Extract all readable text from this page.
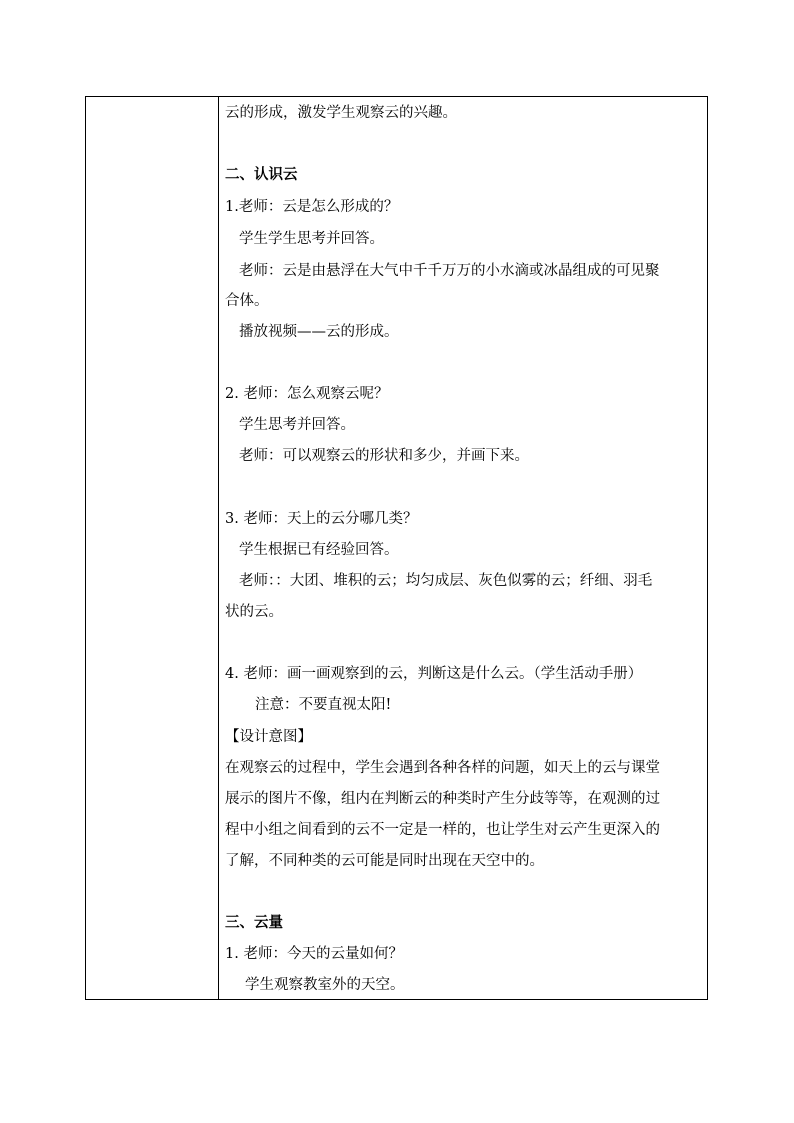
云的形成，激发学生观察云的兴趣。
二、认识云
1.老师：云是怎么形成的？
学生学生思考并回答。
老师：云是由悬浮在大气中千千万万的小水滴或冰晶组成的可见聚
合体。
播放视频——云的形成。
2. 老师：怎么观察云呢？
学生思考并回答。
老师：可以观察云的形状和多少，并画下来。
3. 老师：天上的云分哪几类？
学生根据已有经验回答。
老师：：大团、堆积的云；均匀成层、灰色似雾的云；纤细、羽毛
状的云。
4. 老师：画一画观察到的云，判断这是什么云。（学生活动手册）
注意：不要直视太阳!
【设计意图】
在观察云的过程中，学生会遇到各种各样的问题，如天上的云与课堂
展示的图片不像，组内在判断云的种类时产生分歧等等，在观测的过
程中小组之间看到的云不一定是一样的，也让学生对云产生更深入的
了解，不同种类的云可能是同时出现在天空中的。
三、云量
1. 老师：今天的云量如何？
学生观察教室外的天空。
